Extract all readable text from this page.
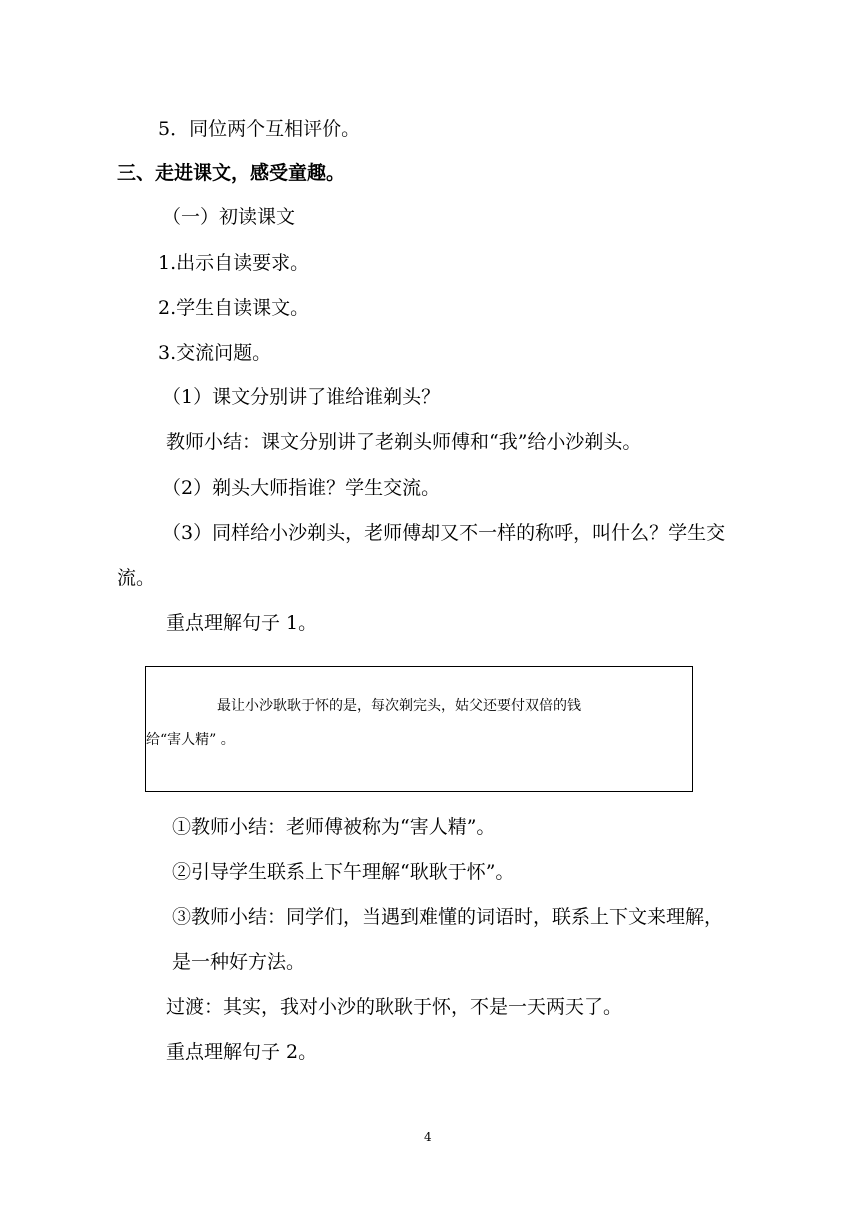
5．同位两个互相评价。
三、走进课文，感受童趣。
（一）初读课文
1.出示自读要求。
2.学生自读课文。
3.交流问题。
（1）课文分别讲了谁给谁剃头？
教师小结：课文分别讲了老剃头师傅和“我”给小沙剃头。
（2）剃头大师指谁？学生交流。
（3）同样给小沙剃头，老师傅却又不一样的称呼，叫什么？学生交
流。
重点理解句子 1。
最让小沙耿耿于怀的是，每次剃完头，姑父还要付双倍的钱
给“害人精” 。
①教师小结：老师傅被称为“害人精”。
②引导学生联系上下午理解“耿耿于怀”。
③教师小结：同学们，当遇到难懂的词语时，联系上下文来理解，
是一种好方法。
过渡：其实，我对小沙的耿耿于怀，不是一天两天了。
重点理解句子 2。
4
